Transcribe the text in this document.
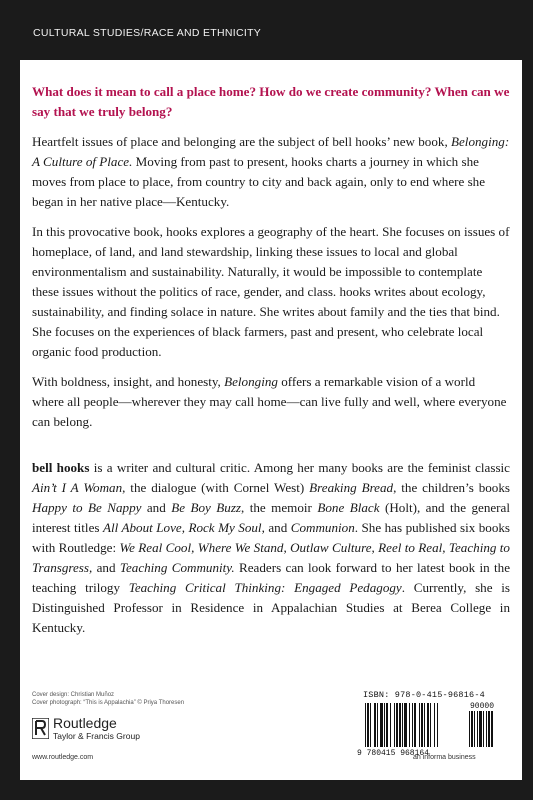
CULTURAL STUDIES/RACE AND ETHNICITY

What does it mean to call a place home? How do we create community? When can we say that we truly belong?

Heartfelt issues of place and belonging are the subject of bell hooks’ new book, Belonging: A Culture of Place. Moving from past to present, hooks charts a journey in which she moves from place to place, from country to city and back again, only to end where she began in her native place—Kentucky.

In this provocative book, hooks explores a geography of the heart. She focuses on issues of homeplace, of land, and land stewardship, linking these issues to local and global environmentalism and sustainability. Naturally, it would be impossible to contemplate these issues without the politics of race, gender, and class. hooks writes about ecology, sustainability, and finding solace in nature. She writes about family and the ties that bind. She focuses on the experiences of black farmers, past and present, who celebrate local organic food production.

With boldness, insight, and honesty, Belonging offers a remarkable vision of a world where all people—wherever they may call home—can live fully and well, where everyone can belong.

bell hooks is a writer and cultural critic. Among her many books are the feminist classic Ain’t I A Woman, the dialogue (with Cornel West) Breaking Bread, the children’s books Happy to Be Nappy and Be Boy Buzz, the memoir Bone Black (Holt), and the general interest titles All About Love, Rock My Soul, and Communion. She has published six books with Routledge: We Real Cool, Where We Stand, Outlaw Culture, Reel to Real, Teaching to Transgress, and Teaching Community. Readers can look forward to her latest book in the teaching trilogy Teaching Critical Thinking: Engaged Pedagogy. Currently, she is Distinguished Professor in Residence in Appalachian Studies at Berea College in Kentucky.

Cover design: Christian Muñoz
Cover photograph: “This is Appalachia” © Priya Thoresen
Routledge
Taylor & Francis Group
www.routledge.com
ISBN: 978-0-415-96816-4
9 780415 968164
90000
an informa business
